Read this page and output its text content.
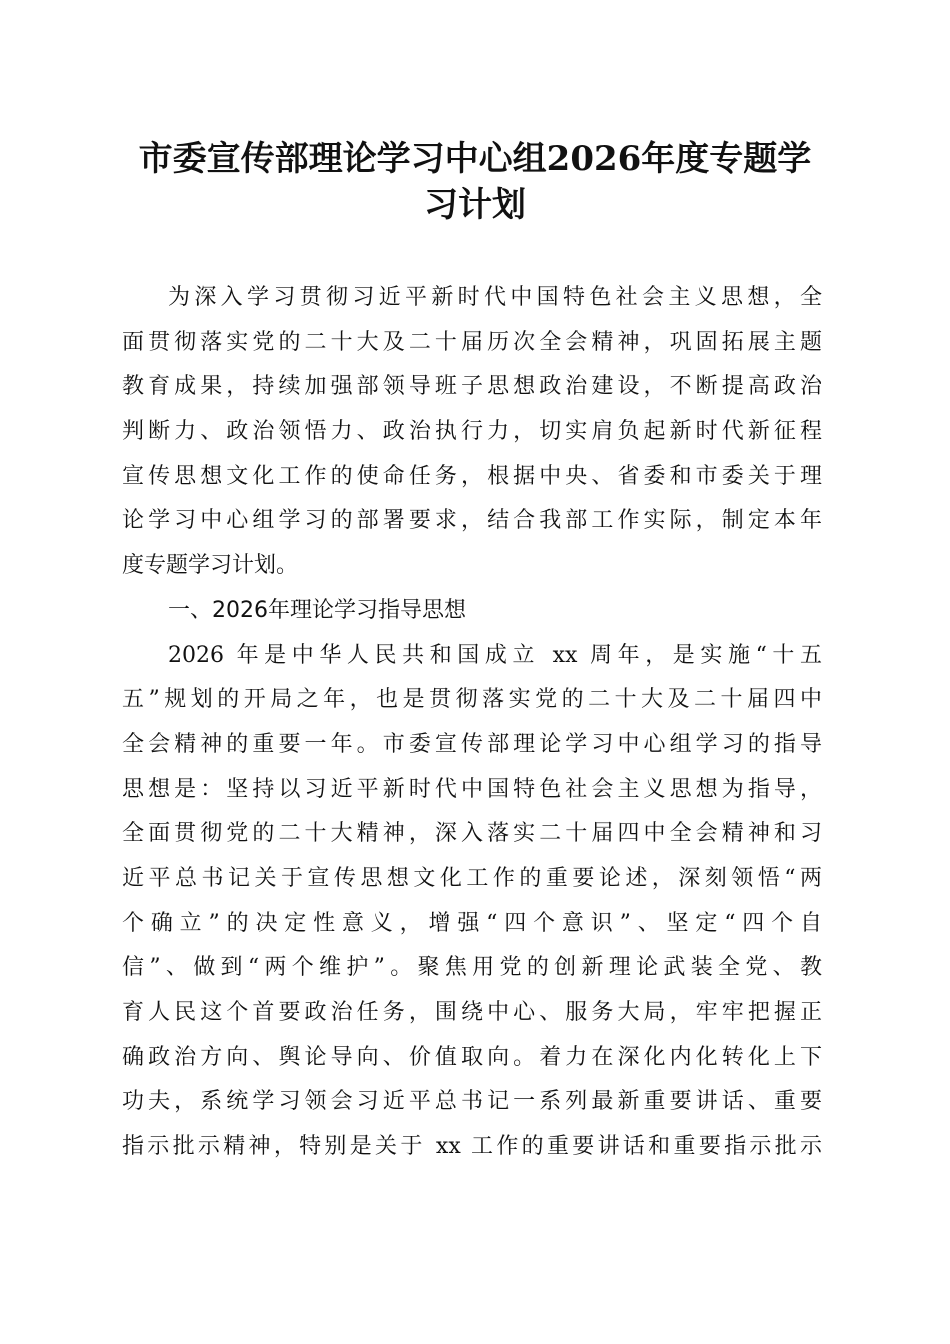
市委宣传部理论学习中心组2026年度专题学
习计划
为深入学习贯彻习近平新时代中国特色社会主义思想，全
面贯彻落实党的二十大及二十届历次全会精神，巩固拓展主题
教育成果，持续加强部领导班子思想政治建设，不断提高政治
判断力、政治领悟力、政治执行力，切实肩负起新时代新征程
宣传思想文化工作的使命任务，根据中央、省委和市委关于理
论学习中心组学习的部署要求，结合我部工作实际，制定本年
度专题学习计划。
一、2026年理论学习指导思想
2026 年是中华人民共和国成立 xx 周年，是实施“十五
五”规划的开局之年，也是贯彻落实党的二十大及二十届四中
全会精神的重要一年。市委宣传部理论学习中心组学习的指导
思想是：坚持以习近平新时代中国特色社会主义思想为指导，
全面贯彻党的二十大精神，深入落实二十届四中全会精神和习
近平总书记关于宣传思想文化工作的重要论述，深刻领悟“两
个确立”的决定性意义，增强“四个意识”、坚定“四个自
信”、做到“两个维护”。聚焦用党的创新理论武装全党、教
育人民这个首要政治任务，围绕中心、服务大局，牢牢把握正
确政治方向、舆论导向、价值取向。着力在深化内化转化上下
功夫，系统学习领会习近平总书记一系列最新重要讲话、重要
指示批示精神，特别是关于 xx 工作的重要讲话和重要指示批示
